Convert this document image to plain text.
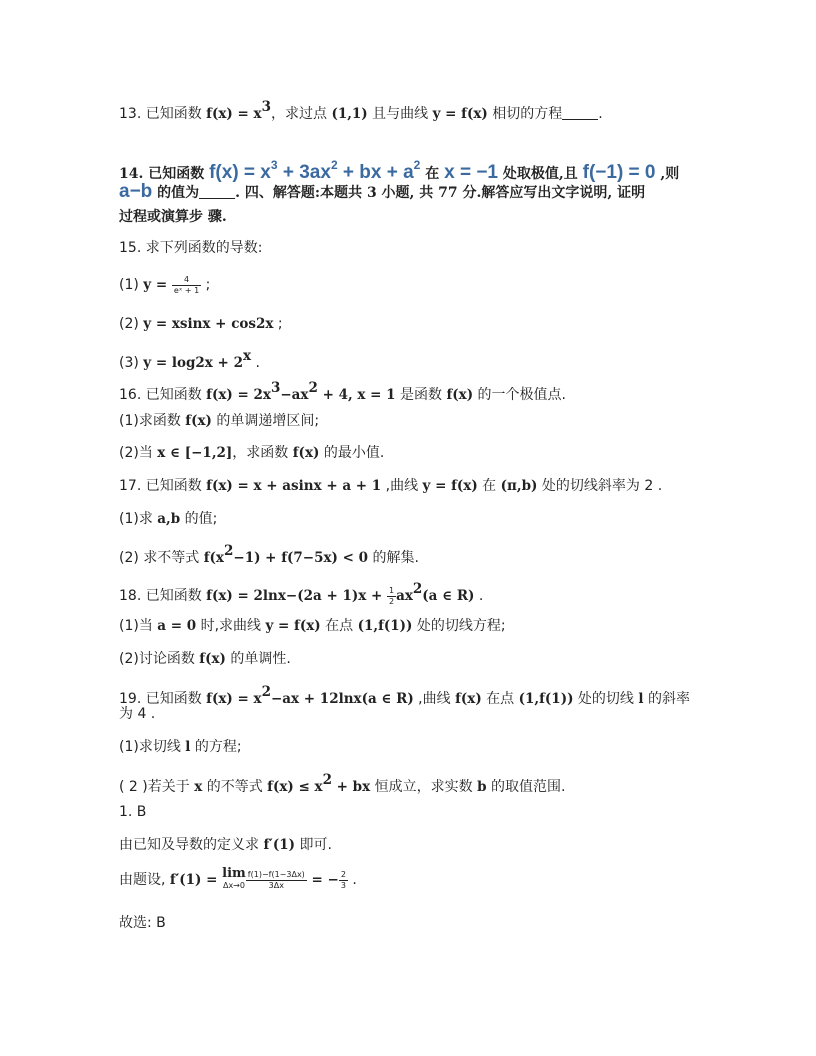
13. 已知函数 $f(x) = x^3$，求过点 (1,1) 且与曲线 y = f(x) 相切的方程	.
14. 已知函数 $f(x) = x^3 + 3ax^2$ + bx + $a^2$ 在 x = −1 处取极值,且 f(−1) = 0 ,则
a−b 的值为	. 四、解答题:本题共 3 小题, 共 77 分.解答应写出文字说明, 证明
过程或演算步 骤.
15. 求下列函数的导数:
(1) $y = \frac{4}{\text{eˣ + 1}}$ ;
(2) y = xsinx + cos2x ;
(3) $y = \log 2x + 2^x$ .
16. 已知函数 $f(x) = 2x^3-ax^2 + 4$, x = 1 是函数 f(x) 的一个极值点.
(1)求函数 f(x) 的单调递增区间;
(2)当 x ∈ [−1,2]，求函数 f(x) 的最小值.
17. 已知函数 f(x) = x + asinx + a + 1 ,曲线 y = f(x) 在 (π,b) 处的切线斜率为 2 .
(1)求 a,b 的值;
(2) 求不等式 $f(x^2-1) + f(7-5x) < 0$ 的解集.
18. 已知函数 $f(x) = 2\ln x-(2a + 1)x + \frac{1}{2} ax^2(a$ ∈ R) .
(1)当 a = 0 时,求曲线 y = f(x) 在点 (1,f(1)) 处的切线方程;
(2)讨论函数 f(x) 的单调性.
19. 已知函数 $f(x) = x^2-ax + 12\ln x(a$ ∈ R) ,曲线 f(x) 在点 (1,f(1)) 处的切线 l 的斜率
为 4 .
(1)求切线 l 的方程;
( 2 )若关于 x 的不等式 $f(x) \le x^2$ + bx 恒成立，求实数 b 的取值范围.
1. B
由已知及导数的定义求 f′(1) 即可.
由题设, f′(1) = lim
$\Delta x\to 0 \frac{f(1)-f(1-3\Delta x)}{3\Delta x}$ = − $\frac{2}{3}$ .
故选: B
